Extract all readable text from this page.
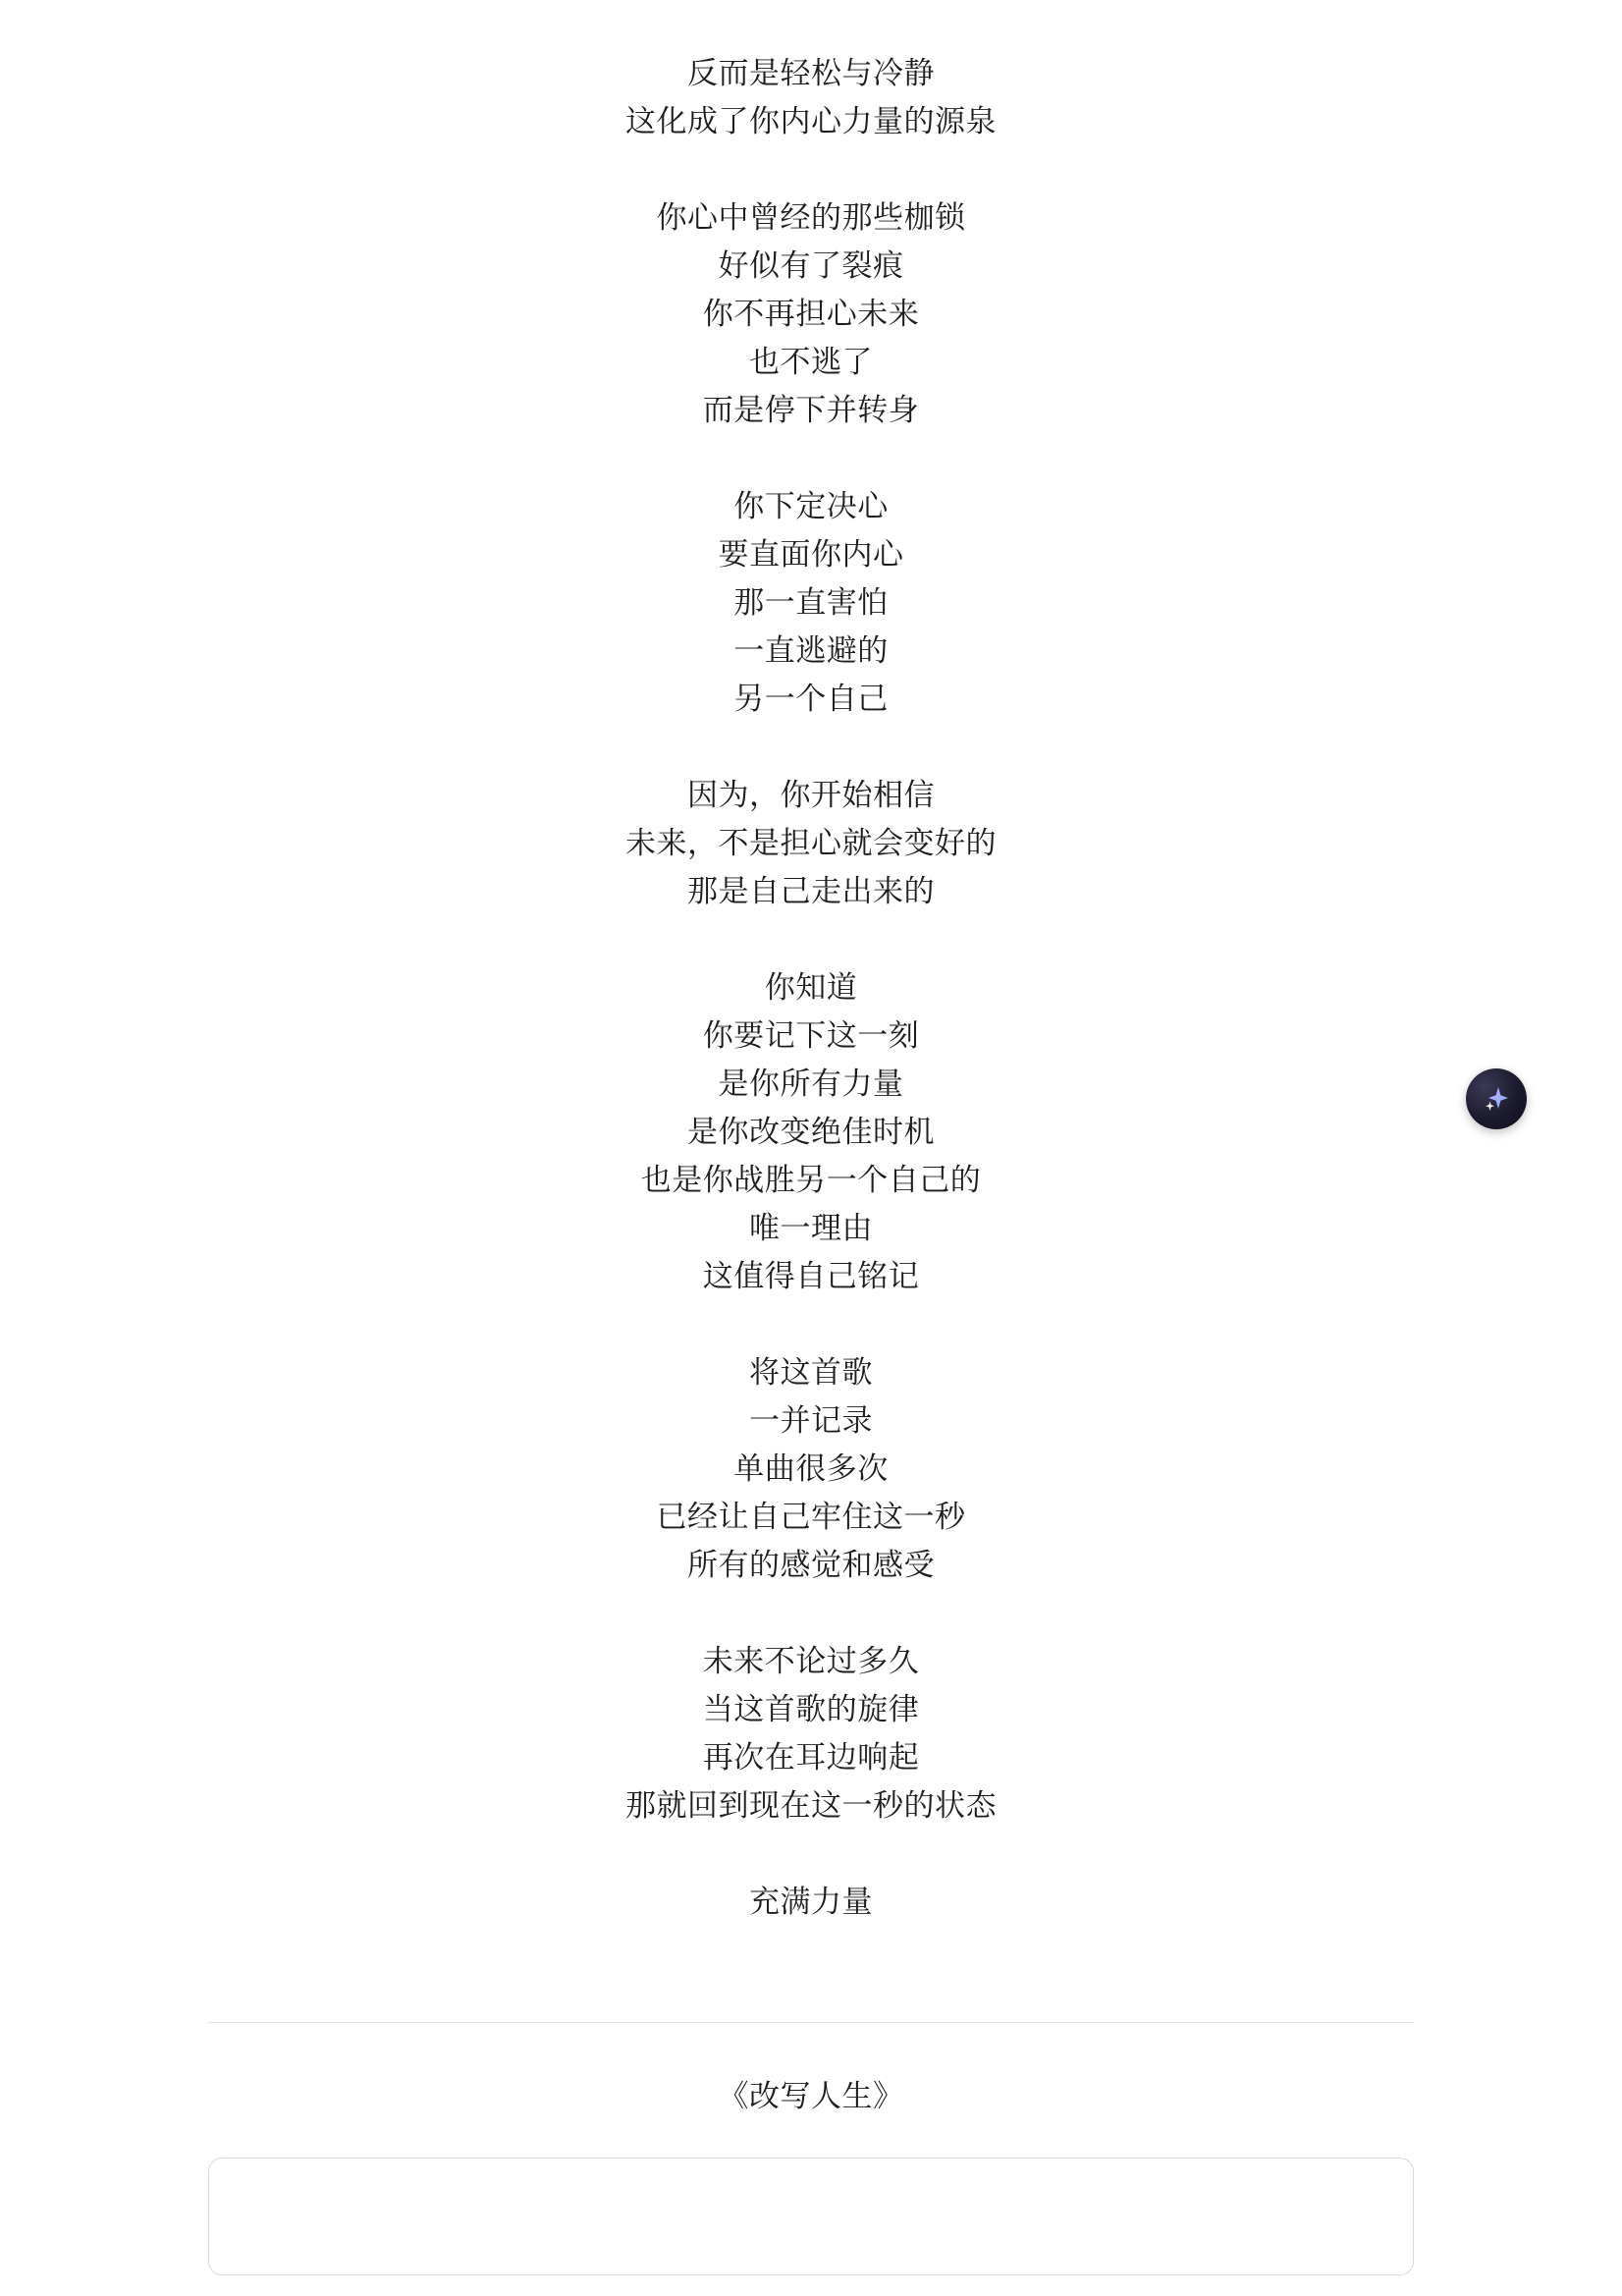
反而是轻松与冷静
这化成了你内心力量的源泉
你心中曾经的那些枷锁
好似有了裂痕
你不再担心未来
也不逃了
而是停下并转身
你下定决心
要直面你内心
那一直害怕
一直逃避的
另一个自己
因为，你开始相信
未来，不是担心就会变好的
那是自己走出来的
你知道
你要记下这一刻
是你所有力量
是你改变绝佳时机
也是你战胜另一个自己的
唯一理由
这值得自己铭记
将这首歌
一并记录
单曲很多次
已经让自己牢住这一秒
所有的感觉和感受
未来不论过多久
当这首歌的旋律
再次在耳边响起
那就回到现在这一秒的状态
充满力量
《改写人生》
